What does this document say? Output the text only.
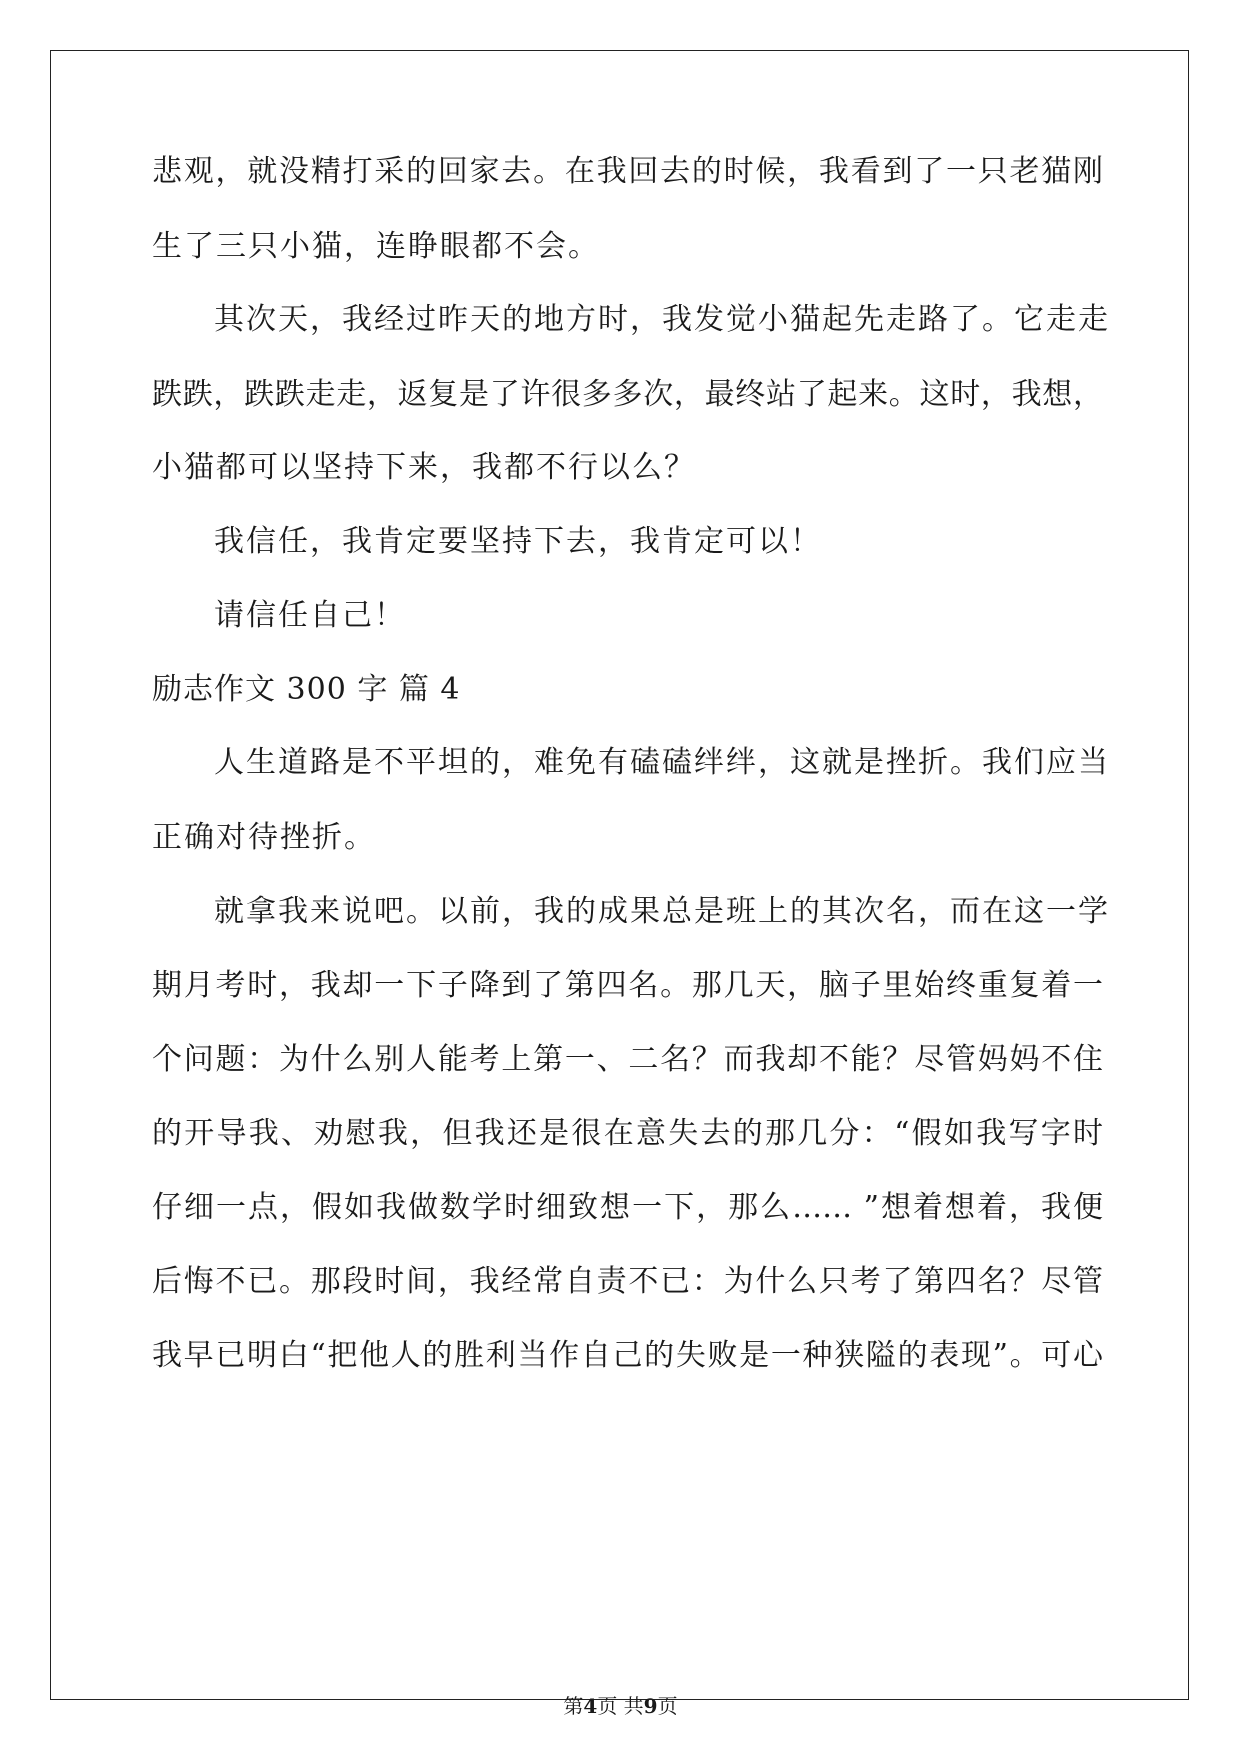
悲观，就没精打采的回家去。在我回去的时候，我看到了一只老猫刚
生了三只小猫，连睁眼都不会。
其次天，我经过昨天的地方时，我发觉小猫起先走路了。它走走
跌跌，跌跌走走，返复是了许很多多次，最终站了起来。这时，我想，
小猫都可以坚持下来，我都不行以么？
我信任，我肯定要坚持下去，我肯定可以！
请信任自己！
励志作文 300 字 篇 4
人生道路是不平坦的，难免有磕磕绊绊，这就是挫折。我们应当
正确对待挫折。
就拿我来说吧。以前，我的成果总是班上的其次名，而在这一学
期月考时，我却一下子降到了第四名。那几天，脑子里始终重复着一
个问题：为什么别人能考上第一、二名？而我却不能？尽管妈妈不住
的开导我、劝慰我，但我还是很在意失去的那几分：“假如我写字时
仔细一点，假如我做数学时细致想一下，那么…… ”想着想着，我便
后悔不已。那段时间，我经常自责不已：为什么只考了第四名？尽管
我早已明白“把他人的胜利当作自己的失败是一种狭隘的表现”。可心
第4页 共9页
